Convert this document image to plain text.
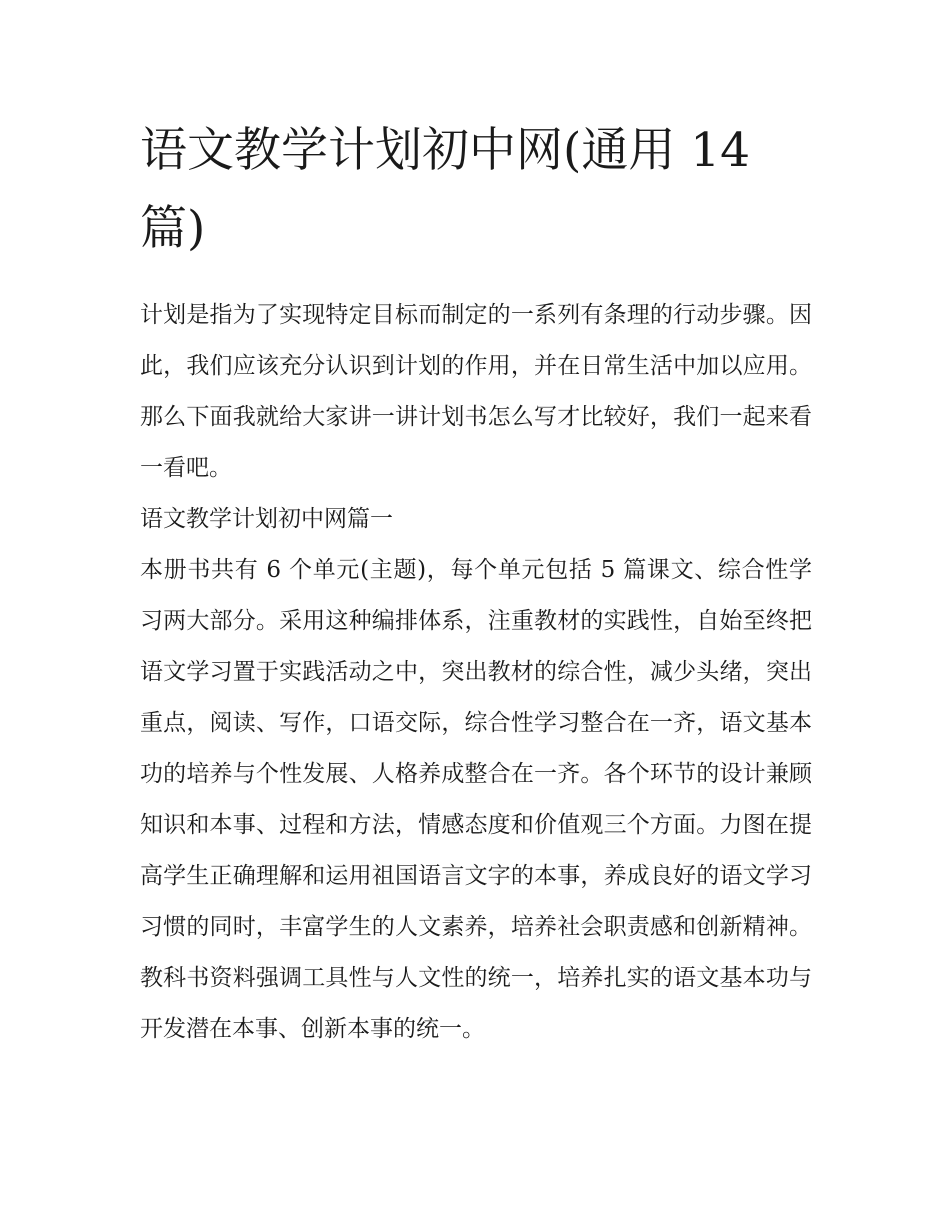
语文教学计划初中网(通用 14 篇)

计划是指为了实现特定目标而制定的一系列有条理的行动步骤。因此，我们应该充分认识到计划的作用，并在日常生活中加以应用。那么下面我就给大家讲一讲计划书怎么写才比较好，我们一起来看一看吧。

语文教学计划初中网篇一

本册书共有 6 个单元(主题)，每个单元包括 5 篇课文、综合性学习两大部分。采用这种编排体系，注重教材的实践性，自始至终把语文学习置于实践活动之中，突出教材的综合性，减少头绪，突出重点，阅读、写作，口语交际，综合性学习整合在一齐，语文基本功的培养与个性发展、人格养成整合在一齐。各个环节的设计兼顾知识和本事、过程和方法，情感态度和价值观三个方面。力图在提高学生正确理解和运用祖国语言文字的本事，养成良好的语文学习习惯的同时，丰富学生的人文素养，培养社会职责感和创新精神。教科书资料强调工具性与人文性的统一，培养扎实的语文基本功与开发潜在本事、创新本事的统一。
